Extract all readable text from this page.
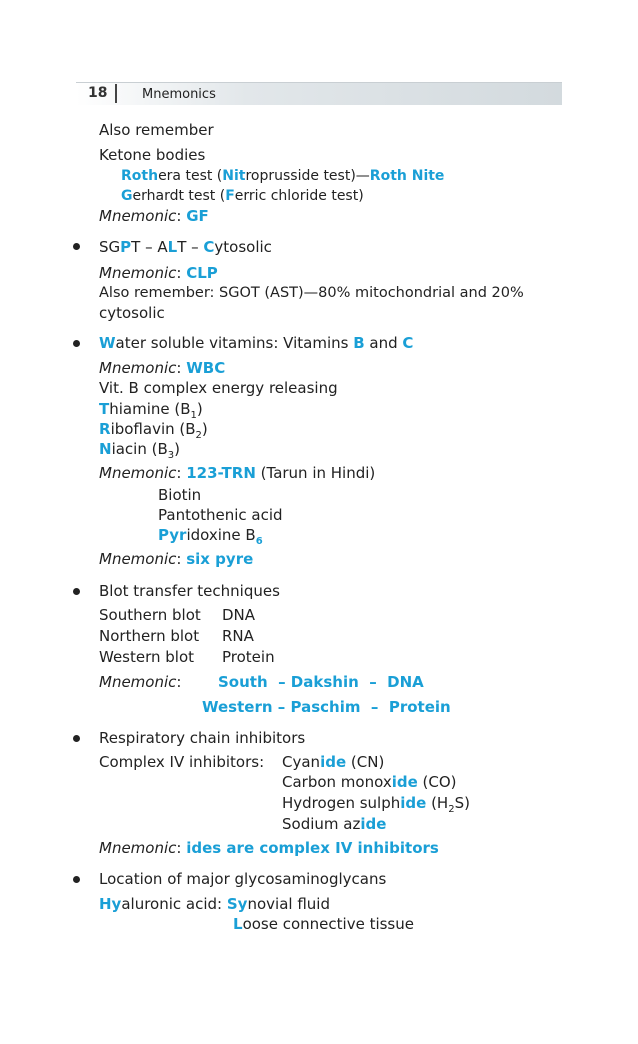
18	Mnemonics
Also remember
Ketone bodies
Rothera test (Nitroprusside test)—Roth Nite
Gerhardt test (Ferric chloride test)
Mnemonic: GF
SGPT – ALT – Cytosolic
Mnemonic: CLP
Also remember: SGOT (AST)—80% mitochondrial and 20%
cytosolic
Water soluble vitamins: Vitamins B and C
Mnemonic: WBC
Vit. B complex energy releasing
Thiamine $(B_1)$
Riboflavin $(B_2)$
Niacin $(B_3)$
Mnemonic: 123-TRN (Tarun in Hindi)
Biotin
Pantothenic acid
Pyridoxine $B_6$
Mnemonic: six pyre
Blot transfer techniques
Southern blot DNA
Northern blot RNA
Western blot Protein
Mnemonic: South  – Dakshin  –  DNA
Western – Paschim  –  Protein
Respiratory chain inhibitors
Complex IV inhibitors: Cyanide (CN)
Carbon monoxide (CO)
Hydrogen sulphide $(H_2S)$
Sodium azide
Mnemonic: ides are complex IV inhibitors
Location of major glycosaminoglycans
Hyaluronic acid: Synovial fluid
Loose connective tissue
